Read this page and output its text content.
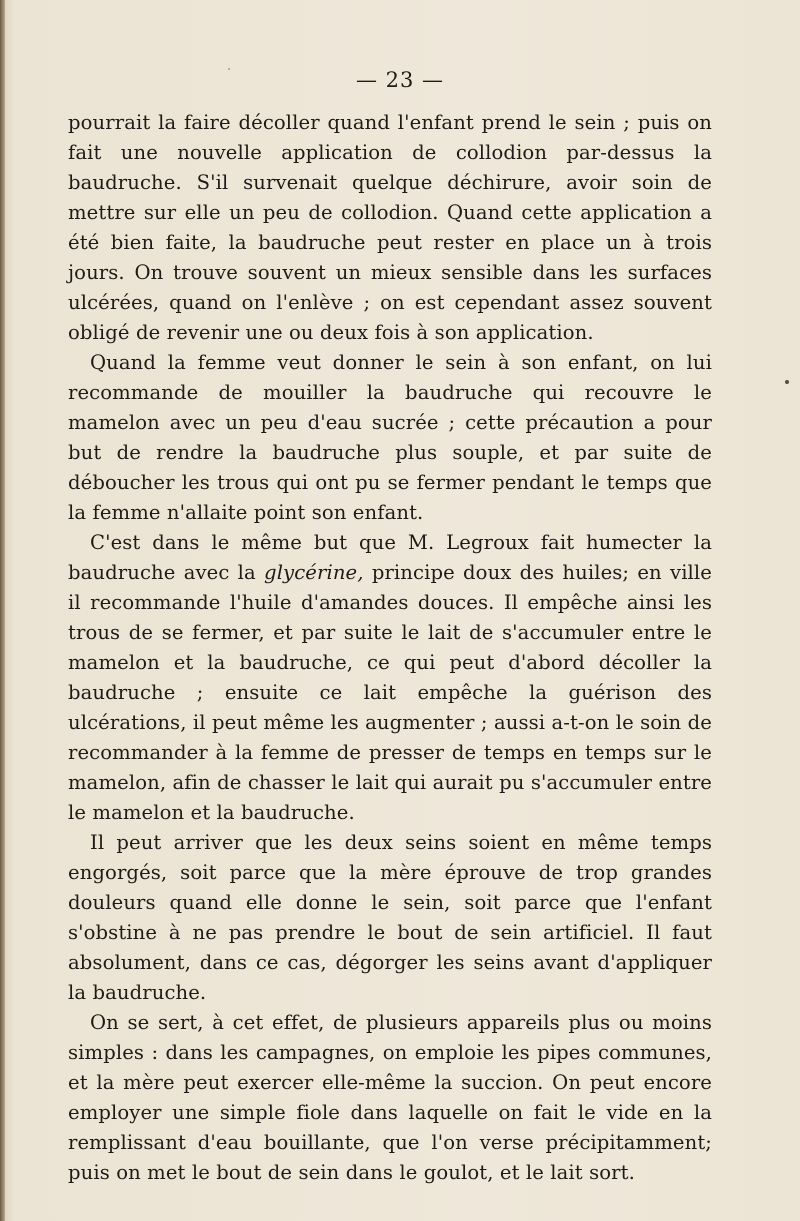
— 23 —

pourrait la faire décoller quand l'enfant prend le sein ; puis on fait une nouvelle application de collodion par-dessus la baudruche. S'il survenait quelque déchirure, avoir soin de mettre sur elle un peu de collodion. Quand cette application a été bien faite, la baudruche peut rester en place un à trois jours. On trouve souvent un mieux sensible dans les surfaces ulcérées, quand on l'enlève ; on est cependant assez souvent obligé de revenir une ou deux fois à son application.

Quand la femme veut donner le sein à son enfant, on lui recommande de mouiller la baudruche qui recouvre le mamelon avec un peu d'eau sucrée ; cette précaution a pour but de rendre la baudruche plus souple, et par suite de déboucher les trous qui ont pu se fermer pendant le temps que la femme n'allaite point son enfant.

C'est dans le même but que M. Legroux fait humecter la baudruche avec la glycérine, principe doux des huiles; en ville il recommande l'huile d'amandes douces. Il empêche ainsi les trous de se fermer, et par suite le lait de s'accumuler entre le mamelon et la baudruche, ce qui peut d'abord décoller la baudruche ; ensuite ce lait empêche la guérison des ulcérations, il peut même les augmenter ; aussi a-t-on le soin de recommander à la femme de presser de temps en temps sur le mamelon, afin de chasser le lait qui aurait pu s'accumuler entre le mamelon et la baudruche.

Il peut arriver que les deux seins soient en même temps engorgés, soit parce que la mère éprouve de trop grandes douleurs quand elle donne le sein, soit parce que l'enfant s'obstine à ne pas prendre le bout de sein artificiel. Il faut absolument, dans ce cas, dégorger les seins avant d'appliquer la baudruche.

On se sert, à cet effet, de plusieurs appareils plus ou moins simples : dans les campagnes, on emploie les pipes communes, et la mère peut exercer elle-même la succion. On peut encore employer une simple fiole dans laquelle on fait le vide en la remplissant d'eau bouillante, que l'on verse précipitamment; puis on met le bout de sein dans le goulot, et le lait sort.
